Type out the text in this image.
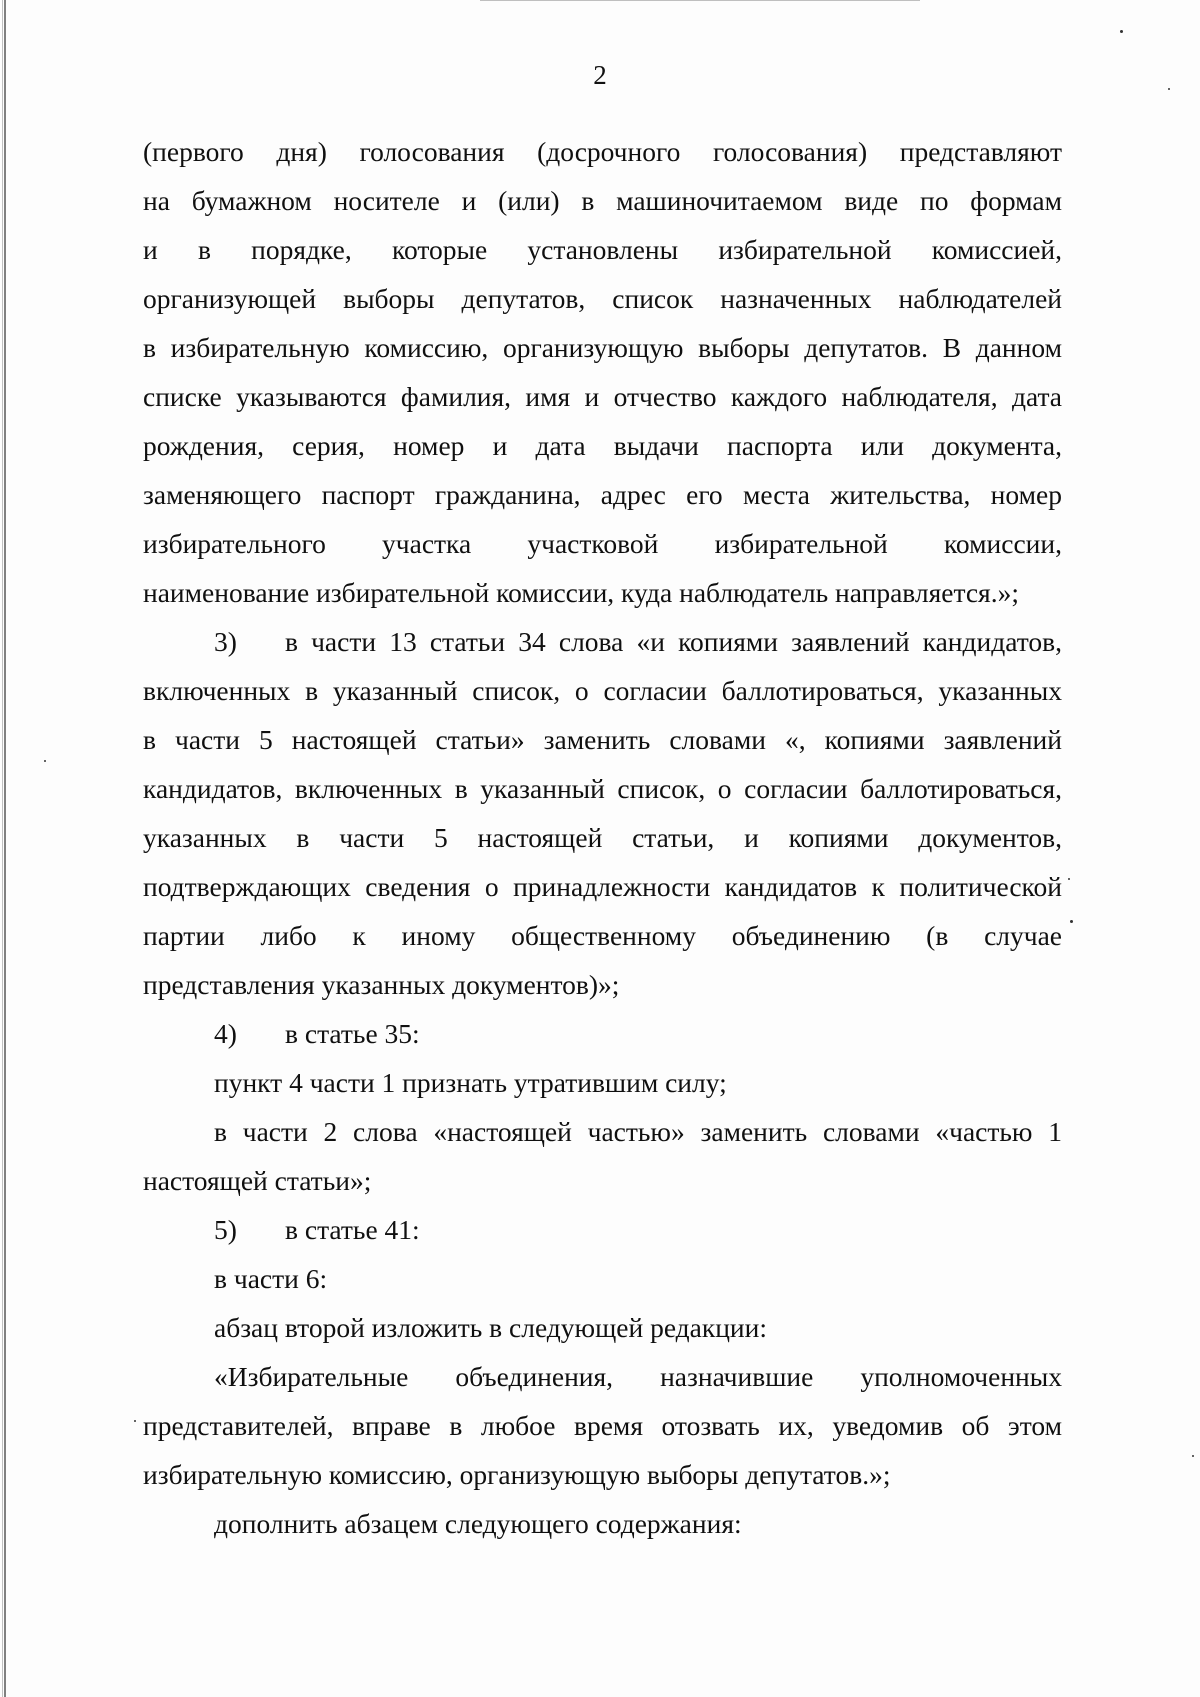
2
(первого дня) голосования (досрочного голосования) представляют
на бумажном носителе и (или) в машиночитаемом виде по формам
и в порядке, которые установлены избирательной комиссией,
организующей выборы депутатов, список назначенных наблюдателей
в избирательную комиссию, организующую выборы депутатов. В данном
списке указываются фамилия, имя и отчество каждого наблюдателя, дата
рождения, серия, номер и дата выдачи паспорта или документа,
заменяющего паспорт гражданина, адрес его места жительства, номер
избирательного участка участковой избирательной комиссии,
наименование избирательной комиссии, куда наблюдатель направляется.»;
3) в части 13 статьи 34 слова «и копиями заявлений кандидатов,
включенных в указанный список, о согласии баллотироваться, указанных
в части 5 настоящей статьи» заменить словами «, копиями заявлений
кандидатов, включенных в указанный список, о согласии баллотироваться,
указанных в части 5 настоящей статьи, и копиями документов,
подтверждающих сведения о принадлежности кандидатов к политической
партии либо к иному общественному объединению (в случае
представления указанных документов)»;
4) в статье 35:
пункт 4 части 1 признать утратившим силу;
в части 2 слова «настоящей частью» заменить словами «частью 1
настоящей статьи»;
5) в статье 41:
в части 6:
абзац второй изложить в следующей редакции:
«Избирательные объединения, назначившие уполномоченных
представителей, вправе в любое время отозвать их, уведомив об этом
избирательную комиссию, организующую выборы депутатов.»;
дополнить абзацем следующего содержания:
